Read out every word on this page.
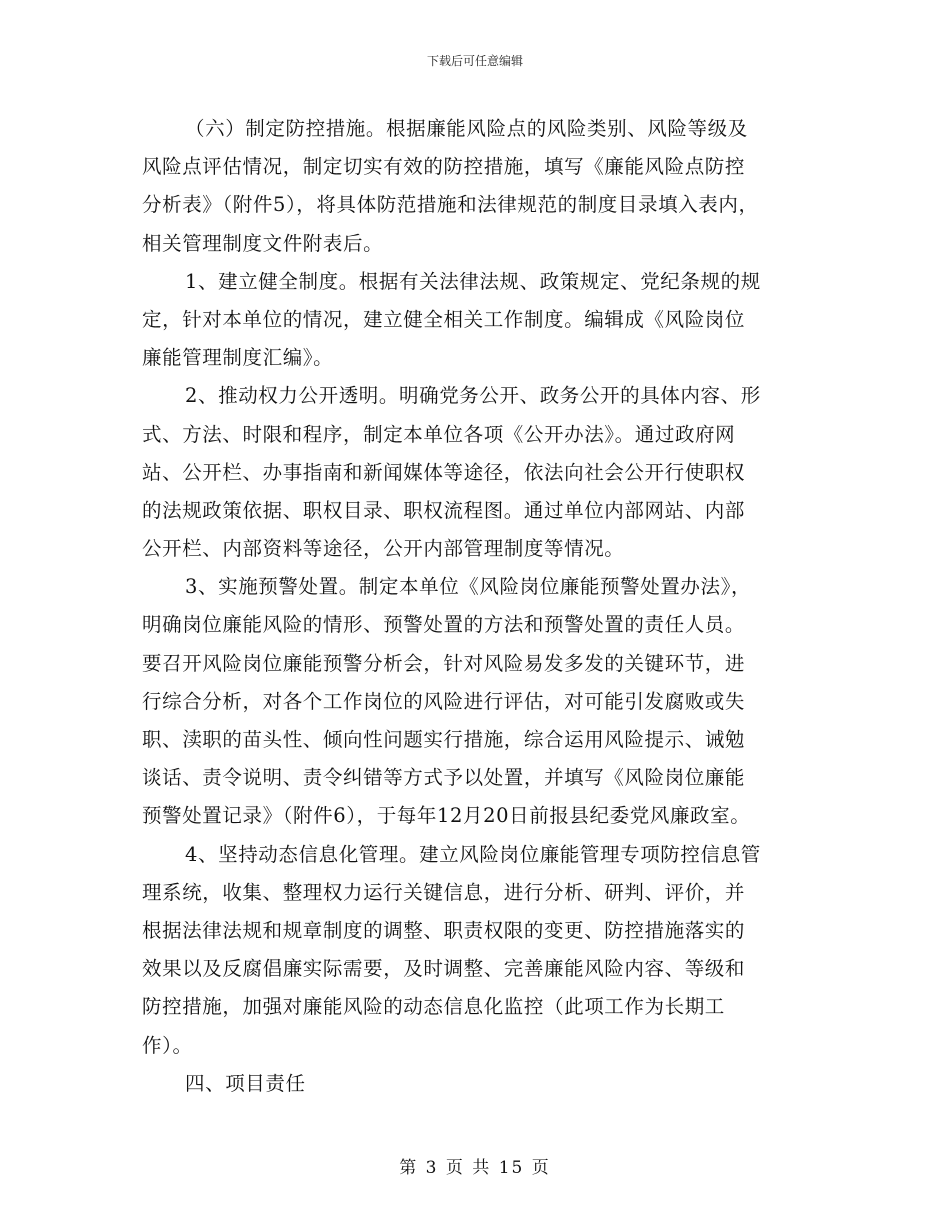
下载后可任意编辑
（六）制定防控措施。根据廉能风险点的风险类别、风险等级及
风险点评估情况，制定切实有效的防控措施，填写《廉能风险点防控
分析表》（附件5），将具体防范措施和法律规范的制度目录填入表内，
相关管理制度文件附表后。
1、建立健全制度。根据有关法律法规、政策规定、党纪条规的规
定，针对本单位的情况，建立健全相关工作制度。编辑成《风险岗位
廉能管理制度汇编》。
2、推动权力公开透明。明确党务公开、政务公开的具体内容、形
式、方法、时限和程序，制定本单位各项《公开办法》。通过政府网
站、公开栏、办事指南和新闻媒体等途径，依法向社会公开行使职权
的法规政策依据、职权目录、职权流程图。通过单位内部网站、内部
公开栏、内部资料等途径，公开内部管理制度等情况。
3、实施预警处置。制定本单位《风险岗位廉能预警处置办法》，
明确岗位廉能风险的情形、预警处置的方法和预警处置的责任人员。
要召开风险岗位廉能预警分析会，针对风险易发多发的关键环节，进
行综合分析，对各个工作岗位的风险进行评估，对可能引发腐败或失
职、渎职的苗头性、倾向性问题实行措施，综合运用风险提示、诫勉
谈话、责令说明、责令纠错等方式予以处置，并填写《风险岗位廉能
预警处置记录》（附件6），于每年12月20日前报县纪委党风廉政室。
4、坚持动态信息化管理。建立风险岗位廉能管理专项防控信息管
理系统，收集、整理权力运行关键信息，进行分析、研判、评价，并
根据法律法规和规章制度的调整、职责权限的变更、防控措施落实的
效果以及反腐倡廉实际需要，及时调整、完善廉能风险内容、等级和
防控措施，加强对廉能风险的动态信息化监控（此项工作为长期工
作）。
四、项目责任
第 3 页 共 15 页
